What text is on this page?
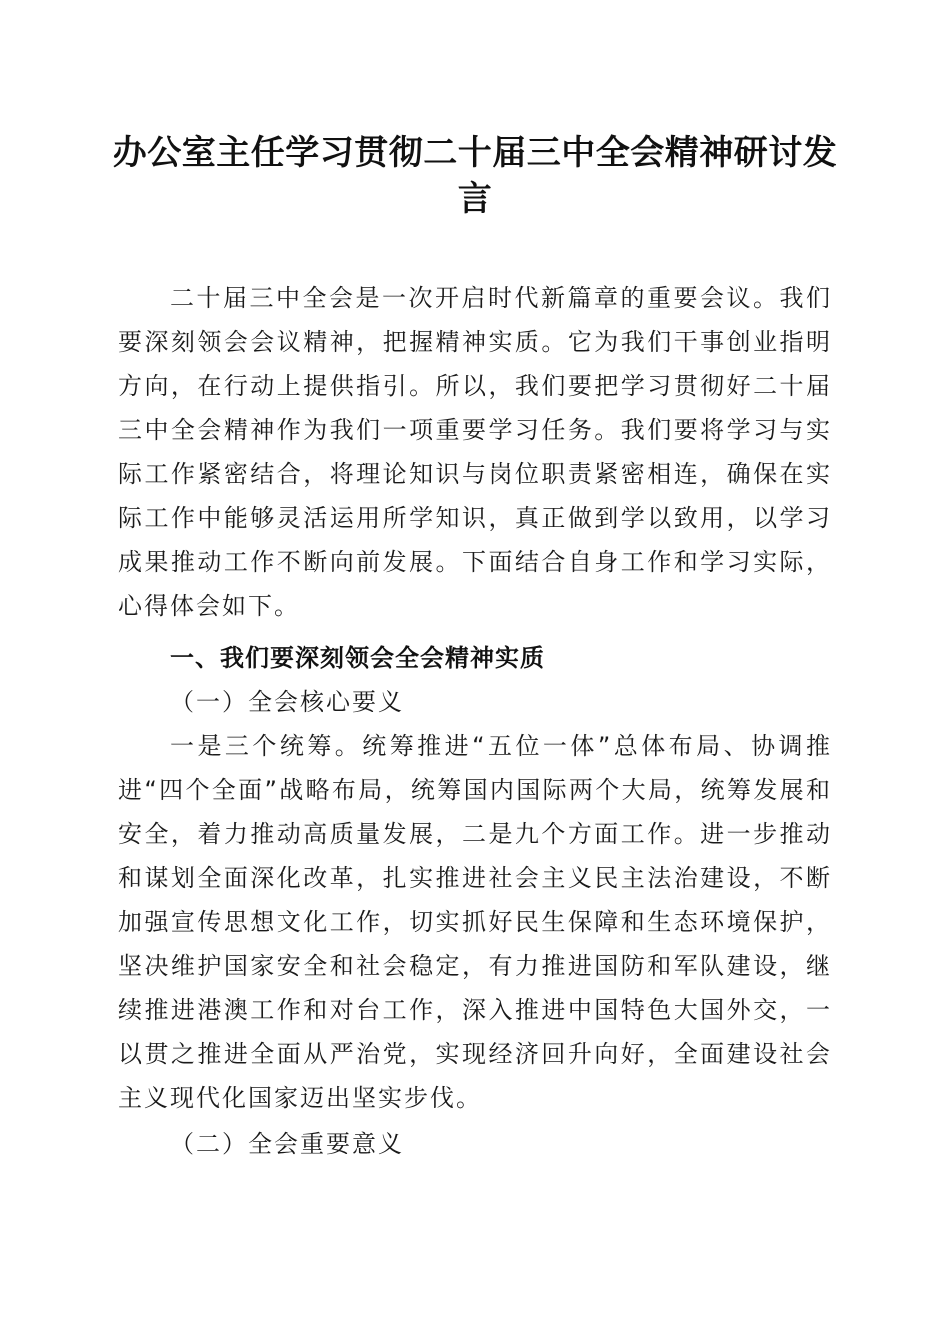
办公室主任学习贯彻二十届三中全会精神研讨发言
二十届三中全会是一次开启时代新篇章的重要会议。我们要深刻领会会议精神，把握精神实质。它为我们干事创业指明方向，在行动上提供指引。所以，我们要把学习贯彻好二十届三中全会精神作为我们一项重要学习任务。我们要将学习与实际工作紧密结合，将理论知识与岗位职责紧密相连，确保在实际工作中能够灵活运用所学知识，真正做到学以致用，以学习成果推动工作不断向前发展。下面结合自身工作和学习实际，心得体会如下。
一、我们要深刻领会全会精神实质
（一）全会核心要义
一是三个统筹。统筹推进“五位一体”总体布局、协调推进“四个全面”战略布局，统筹国内国际两个大局，统筹发展和安全，着力推动高质量发展，二是九个方面工作。进一步推动和谋划全面深化改革，扎实推进社会主义民主法治建设，不断加强宣传思想文化工作，切实抓好民生保障和生态环境保护，坚决维护国家安全和社会稳定，有力推进国防和军队建设，继续推进港澳工作和对台工作，深入推进中国特色大国外交，一以贯之推进全面从严治党，实现经济回升向好，全面建设社会主义现代化国家迈出坚实步伐。
（二）全会重要意义
